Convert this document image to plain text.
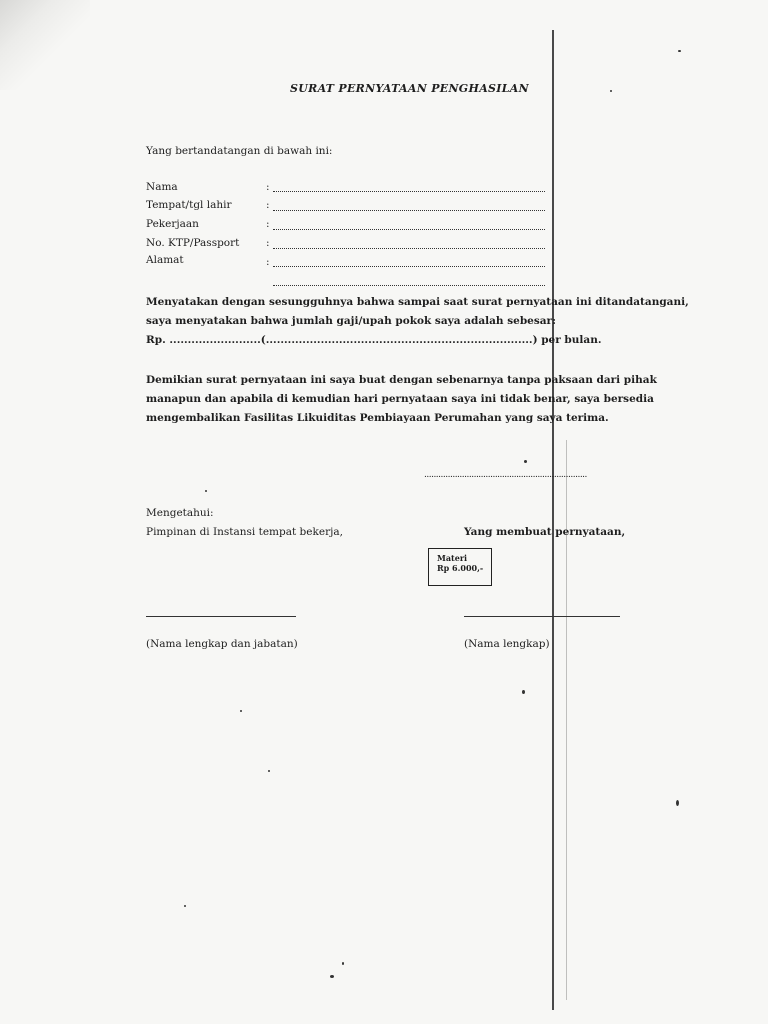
SURAT PERNYATAAN PENGHASILAN
Yang bertandatangan di bawah ini:
Nama	:
Tempat/tgl lahir	:
Pekerjaan	:
No. KTP/Passport	:
Alamat	:
Menyatakan dengan sesungguhnya bahwa sampai saat surat pernyataan ini ditandatangani,
saya menyatakan bahwa jumlah gaji/upah pokok saya adalah sebesar:
Rp. .........................(.........................................................................) per bulan.
Demikian surat pernyataan ini saya buat dengan sebenarnya tanpa paksaan dari pihak
manapun dan apabila di kemudian hari pernyataan saya ini tidak benar, saya bersedia
mengembalikan Fasilitas Likuiditas Pembiayaan Perumahan yang saya terima.
.....................................................................
Mengetahui:
Pimpinan di Instansi tempat bekerja,	Yang membuat pernyataan,
Materi
Rp 6.000,-
(Nama lengkap dan jabatan)	(Nama lengkap)
